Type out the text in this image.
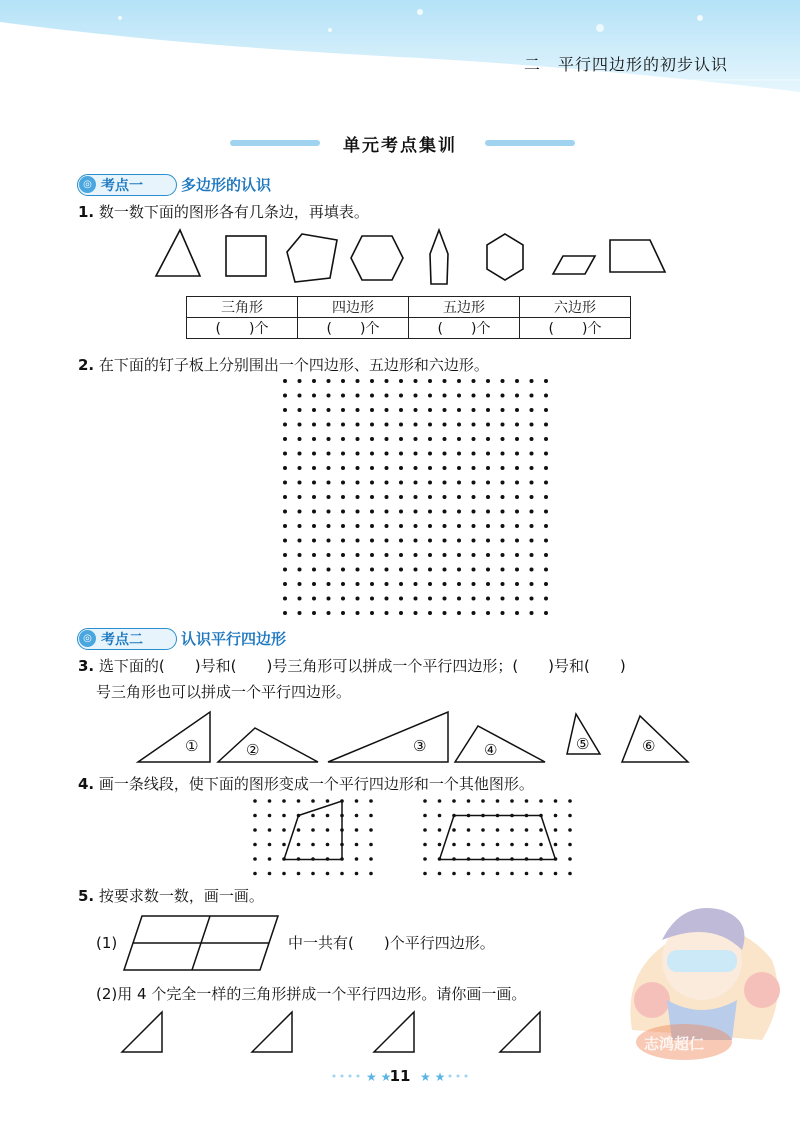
二　平行四边形的初步认识
单元考点集训
◎ 考点一	多边形的认识
1. 数一数下面的图形各有几条边，再填表。
三角形	四边形	五边形	六边形
(　　)个	(　　)个	(　　)个	(　　)个
2. 在下面的钉子板上分别围出一个四边形、五边形和六边形。
◎ 考点二	认识平行四边形
3. 选下面的(　　)号和(　　)号三角形可以拼成一个平行四边形；(　　)号和(　　)
号三角形也可以拼成一个平行四边形。
①	②	③	④	⑤	⑥
4. 画一条线段，使下面的图形变成一个平行四边形和一个其他图形。
5. 按要求数一数，画一画。
(1)	中一共有(　　)个平行四边形。
(2)用 4 个完全一样的三角形拼成一个平行四边形。请你画一画。
志鸿超仁
★ ★ ★ ★
11
